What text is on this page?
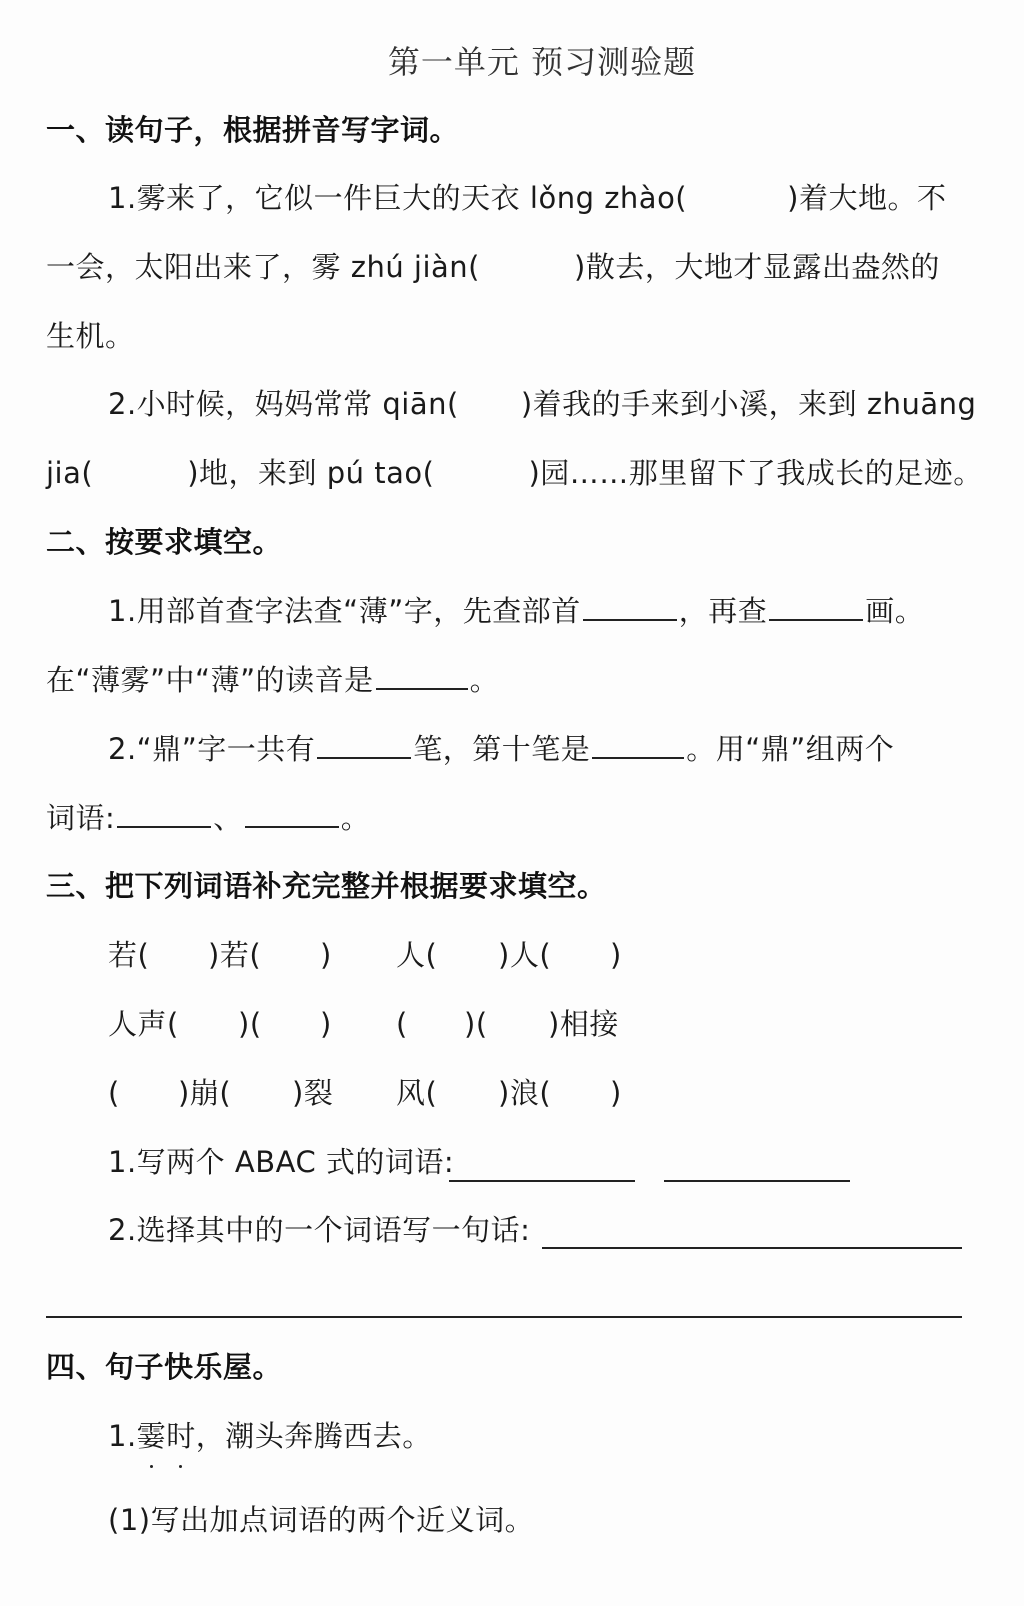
第一单元 预习测验题
一、读句子，根据拼音写字词。
1.雾来了，它似一件巨大的天衣 lǒng zhào(	)着大地。不
一会，太阳出来了，雾 zhú jiàn(	)散去，大地才显露出盎然的
生机。
2.小时候，妈妈常常 qiān( )着我的手来到小溪，来到 zhuāng
jia(	)地，来到 pú tao(	)园……那里留下了我成长的足迹。
二、按要求填空。
1.用部首查字法查“薄”字，先查部首	，再查	画。
在“薄雾”中“薄”的读音是	。
2.“鼎”字一共有	笔，第十笔是	。用“鼎”组两个
词语:	、	。
三、把下列词语补充完整并根据要求填空。
若( )若( ) 人( )人( )
人声( )( ) ( )( )相接
( )崩( )裂 风( )浪( )
1.写两个 ABAC 式的词语:
2.选择其中的一个词语写一句话:
四、句子快乐屋。
1.霎时，潮头奔腾西去。
(1)写出加点词语的两个近义词。
